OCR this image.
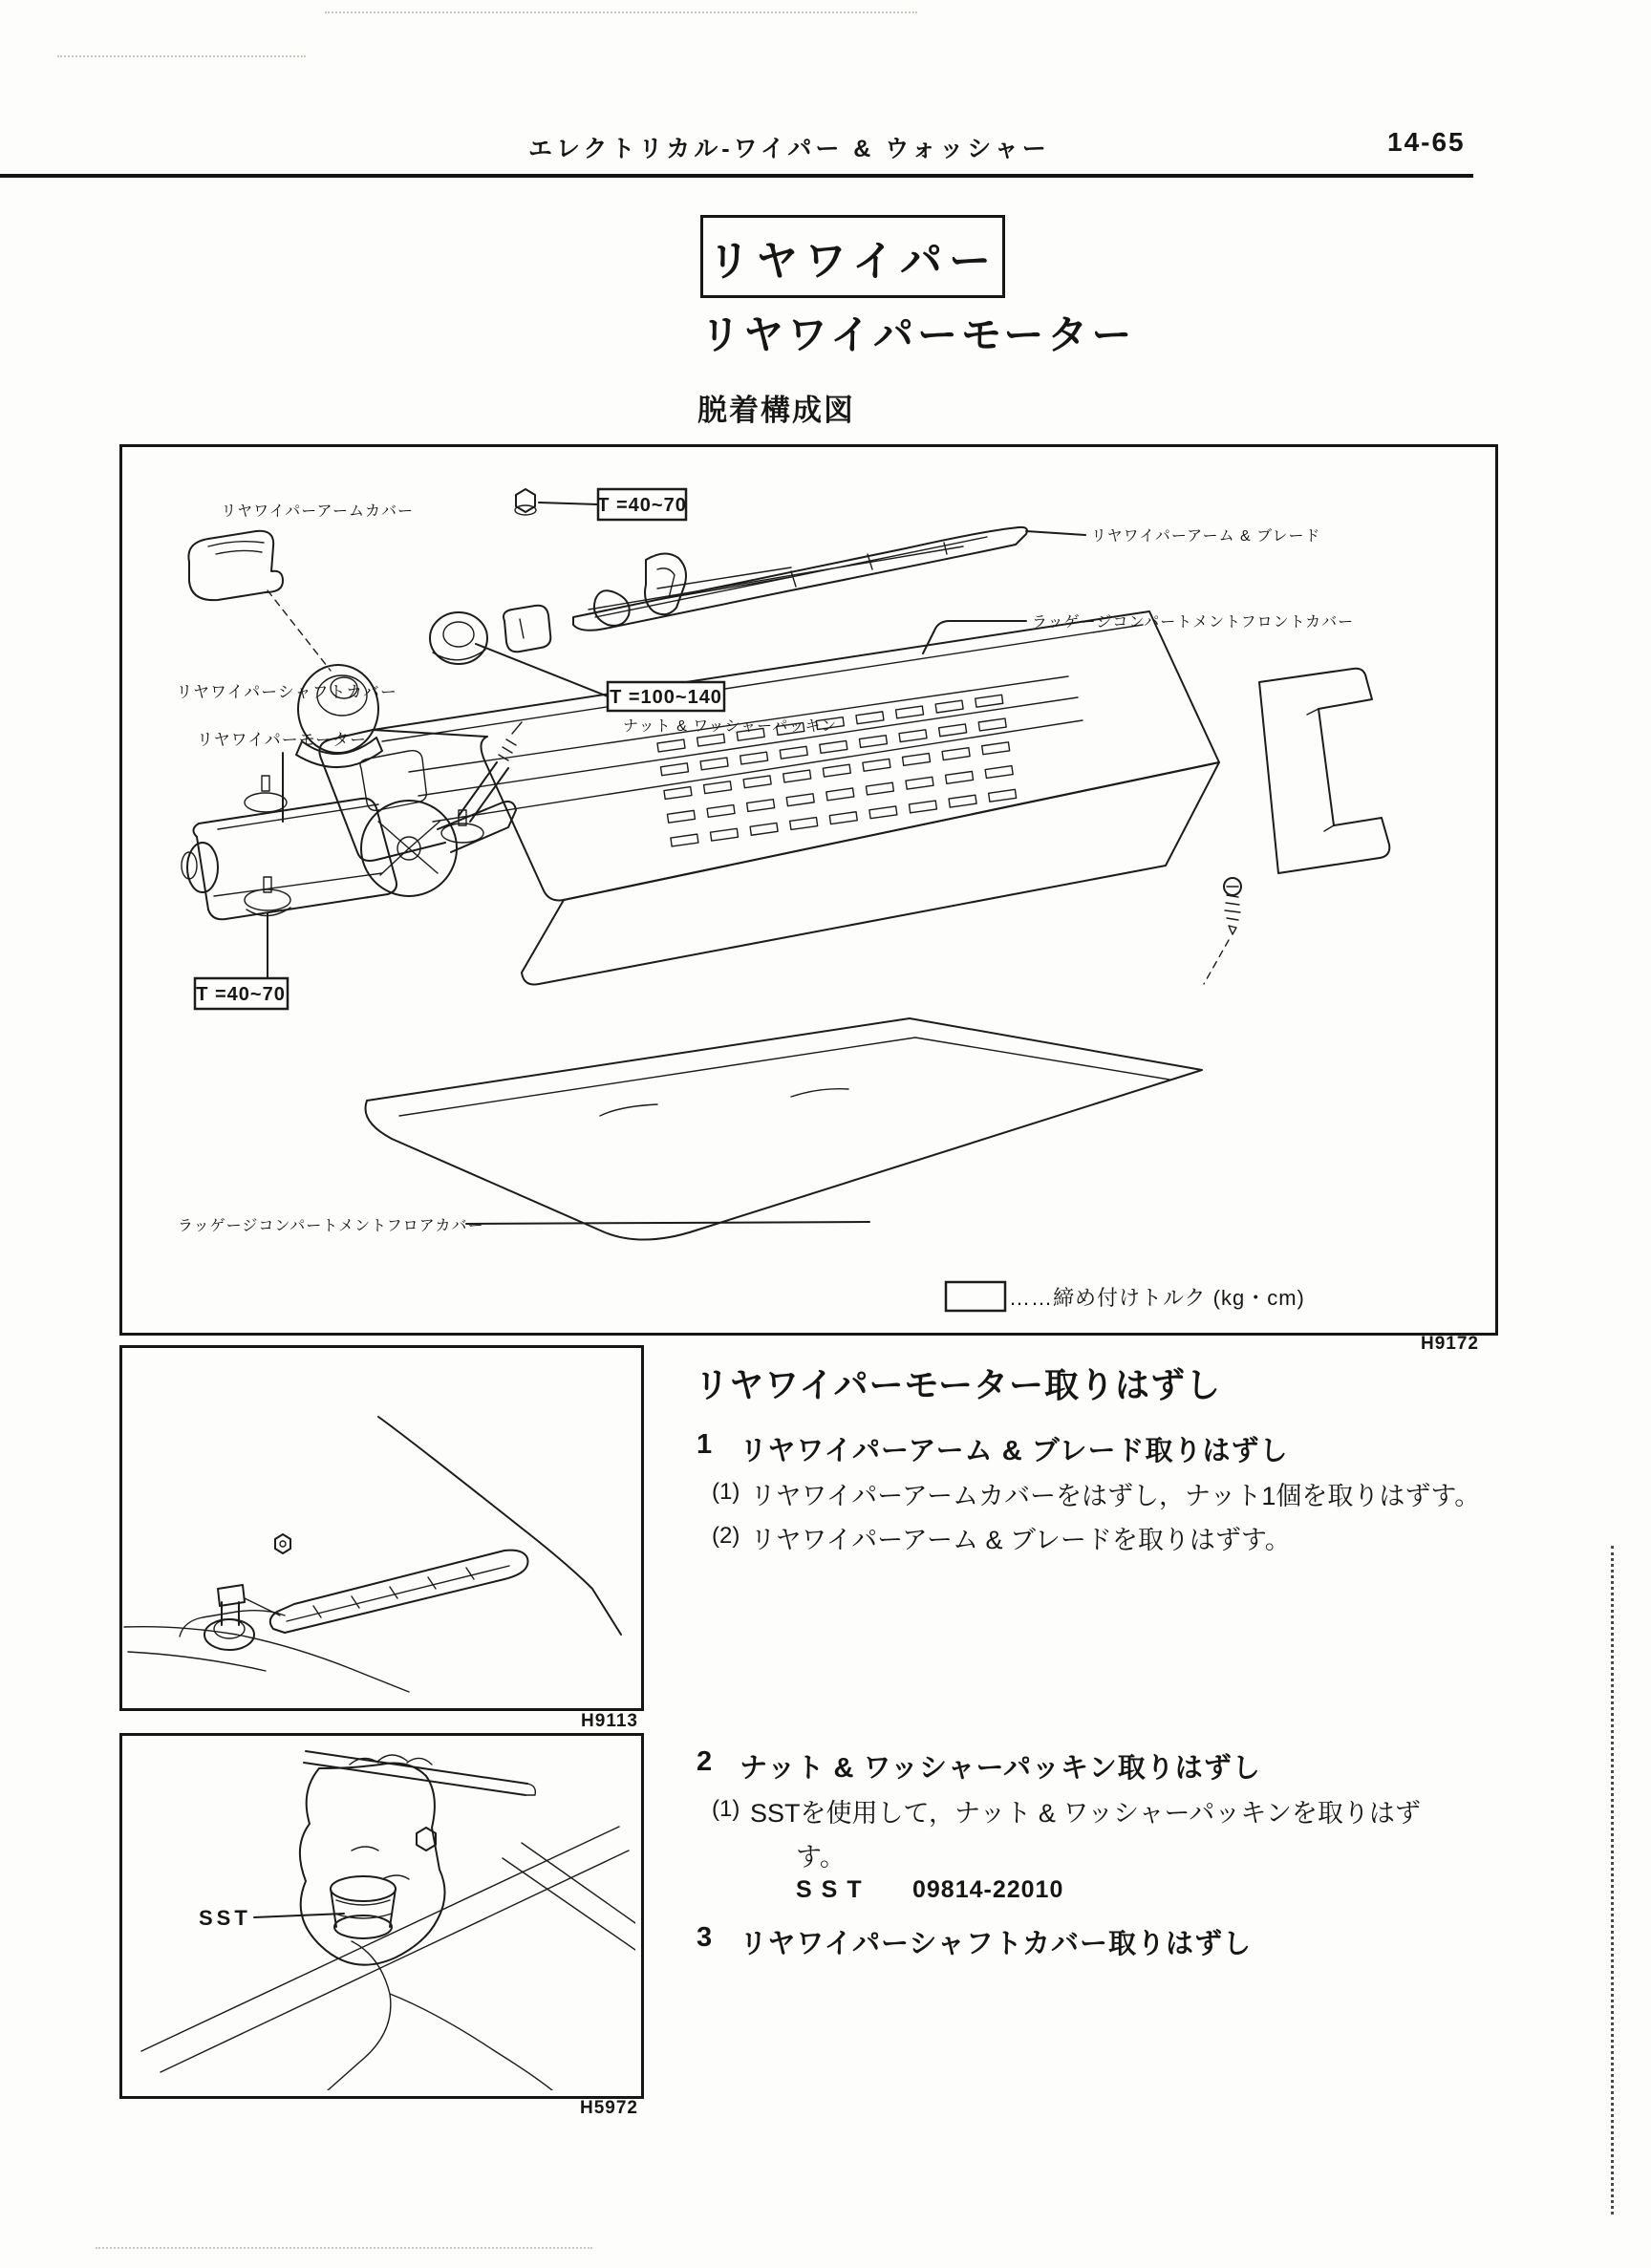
エレクトリカル-ワイパー & ウォッシャー	14-65
リヤワイパー
リヤワイパーモーター
脱着構成図
T =40~70
T =100~140
T =40~70
リヤワイパーアームカバー
リヤワイパーアーム & ブレード
ラッゲージコンパートメントフロントカバー
リヤワイパーシャフトカバー
ナット & ワッシャーパッキン
リヤワイパーモーター
ラッゲージコンパートメントフロアカバー
……締め付けトルク (kg・cm)
H9172
H9113
SST
H5972
リヤワイパーモーター取りはずし
1 リヤワイパーアーム & ブレード取りはずし
(1) リヤワイパーアームカバーをはずし，ナット1個を取りはずす。
(2) リヤワイパーアーム & ブレードを取りはずす。
2 ナット & ワッシャーパッキン取りはずし
(1) SSTを使用して，ナット & ワッシャーパッキンを取りはず
す。
SST 09814-22010
3 リヤワイパーシャフトカバー取りはずし
